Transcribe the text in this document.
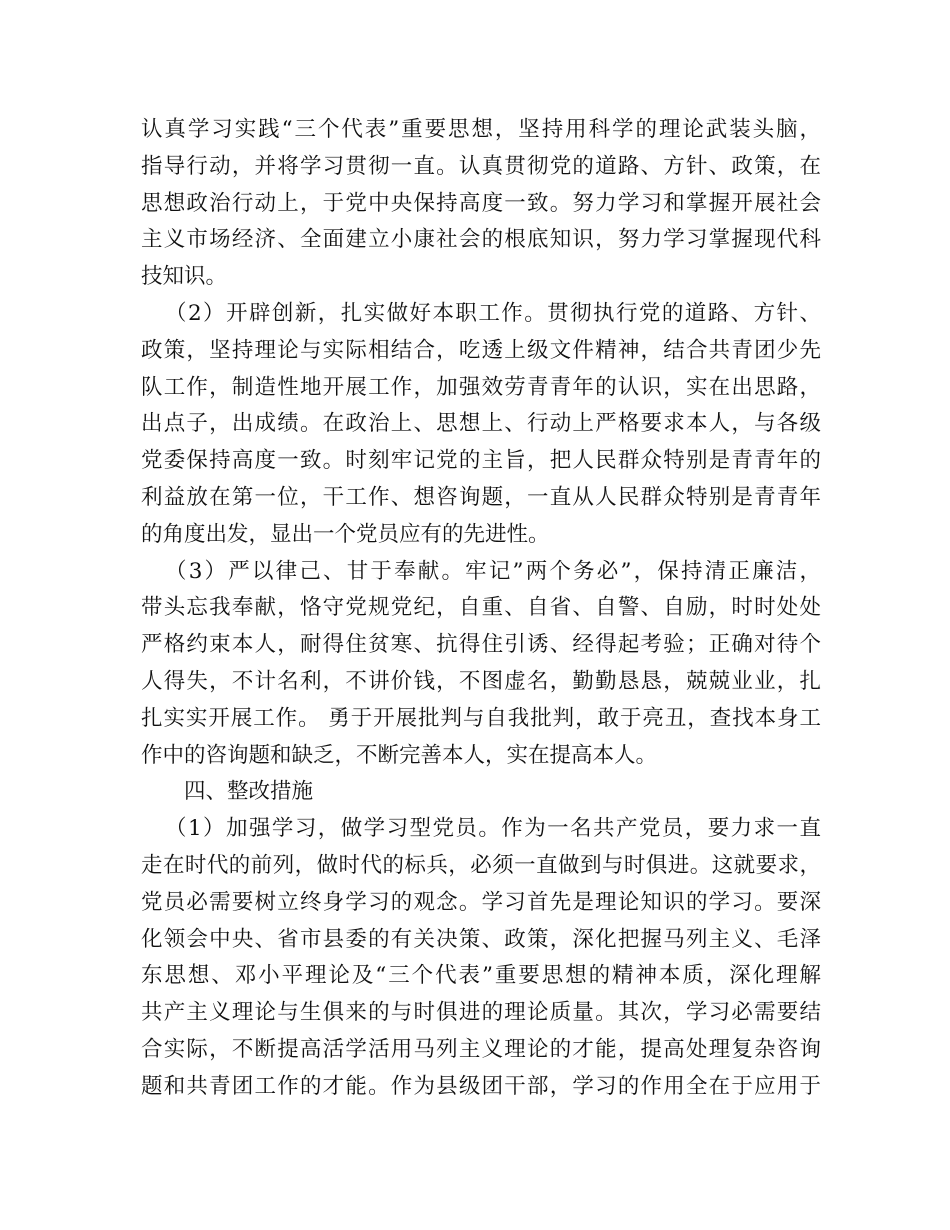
认真学习实践“三个代表”重要思想，坚持用科学的理论武装头脑，
指导行动，并将学习贯彻一直。认真贯彻党的道路、方针、政策，在
思想政治行动上，于党中央保持高度一致。努力学习和掌握开展社会
主义市场经济、全面建立小康社会的根底知识，努力学习掌握现代科
技知识。
（2）开辟创新，扎实做好本职工作。贯彻执行党的道路、方针、
政策，坚持理论与实际相结合，吃透上级文件精神，结合共青团少先
队工作，制造性地开展工作，加强效劳青青年的认识，实在出思路，
出点子，出成绩。在政治上、思想上、行动上严格要求本人，与各级
党委保持高度一致。时刻牢记党的主旨，把人民群众特别是青青年的
利益放在第一位，干工作、想咨询题，一直从人民群众特别是青青年
的角度出发，显出一个党员应有的先进性。
（3）严以律己、甘于奉献。牢记”两个务必”，保持清正廉洁，
带头忘我奉献，恪守党规党纪，自重、自省、自警、自励，时时处处
严格约束本人，耐得住贫寒、抗得住引诱、经得起考验；正确对待个
人得失，不计名利，不讲价钱，不图虚名，勤勤恳恳，兢兢业业，扎
扎实实开展工作。 勇于开展批判与自我批判，敢于亮丑，查找本身工
作中的咨询题和缺乏，不断完善本人，实在提高本人。
四、整改措施
（1）加强学习，做学习型党员。作为一名共产党员，要力求一直
走在时代的前列，做时代的标兵，必须一直做到与时俱进。这就要求，
党员必需要树立终身学习的观念。学习首先是理论知识的学习。要深
化领会中央、省市县委的有关决策、政策，深化把握马列主义、毛泽
东思想、邓小平理论及“三个代表”重要思想的精神本质，深化理解
共产主义理论与生俱来的与时俱进的理论质量。其次，学习必需要结
合实际，不断提高活学活用马列主义理论的才能，提高处理复杂咨询
题和共青团工作的才能。作为县级团干部，学习的作用全在于应用于
